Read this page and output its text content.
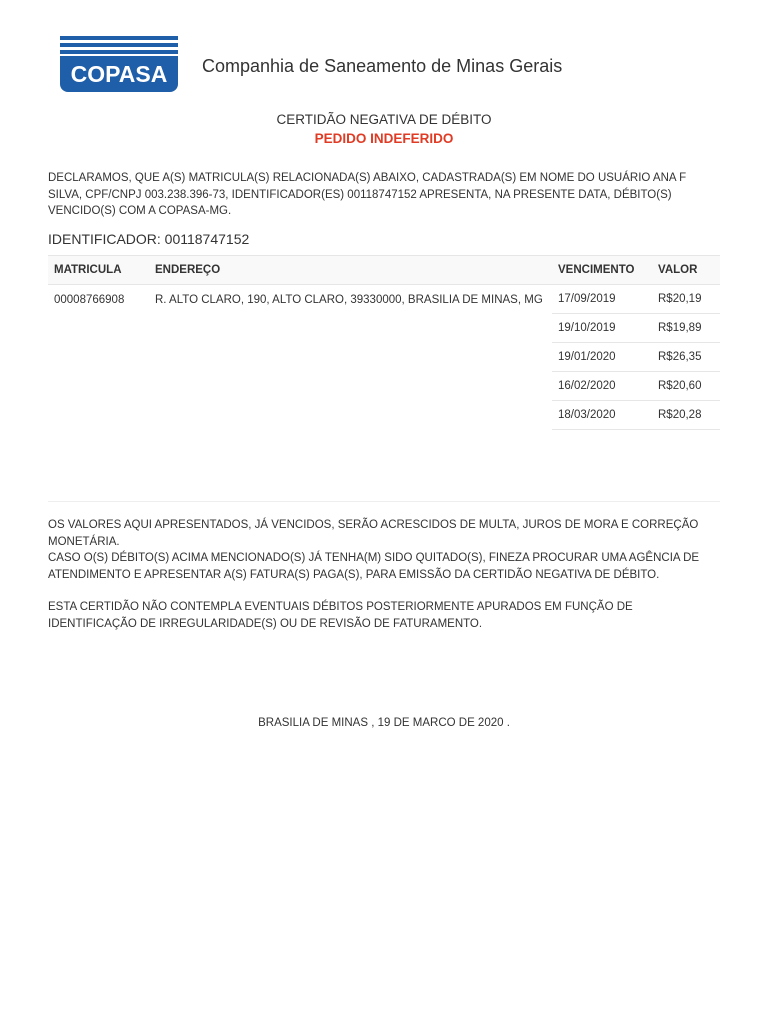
COPASA	Companhia de Saneamento de Minas Gerais
CERTIDÃO NEGATIVA DE DÉBITO
PEDIDO INDEFERIDO
DECLARAMOS, QUE A(S) MATRICULA(S) RELACIONADA(S) ABAIXO, CADASTRADA(S) EM NOME DO USUÁRIO ANA F SILVA, CPF/CNPJ 003.238.396-73, IDENTIFICADOR(ES) 00118747152 APRESENTA, NA PRESENTE DATA, DÉBITO(S) VENCIDO(S) COM A COPASA-MG.
IDENTIFICADOR: 00118747152
MATRICULA	ENDEREÇO	VENCIMENTO	VALOR
00008766908	R. ALTO CLARO, 190, ALTO CLARO, 39330000, BRASILIA DE MINAS, MG	17/09/2019	R$20,19
		19/10/2019	R$19,89
		19/01/2020	R$26,35
		16/02/2020	R$20,60
		18/03/2020	R$20,28

OS VALORES AQUI APRESENTADOS, JÁ VENCIDOS, SERÃO ACRESCIDOS DE MULTA, JUROS DE MORA E CORREÇÃO MONETÁRIA.

CASO O(S) DÉBITO(S) ACIMA MENCIONADO(S) JÁ TENHA(M) SIDO QUITADO(S), FINEZA PROCURAR UMA AGÊNCIA DE ATENDIMENTO E APRESENTAR A(S) FATURA(S) PAGA(S), PARA EMISSÃO DA CERTIDÃO NEGATIVA DE DÉBITO.

ESTA CERTIDÃO NÃO CONTEMPLA EVENTUAIS DÉBITOS POSTERIORMENTE APURADOS EM FUNÇÃO DE IDENTIFICAÇÃO DE IRREGULARIDADE(S) OU DE REVISÃO DE FATURAMENTO.

BRASILIA DE MINAS , 19 DE MARCO DE 2020 .
